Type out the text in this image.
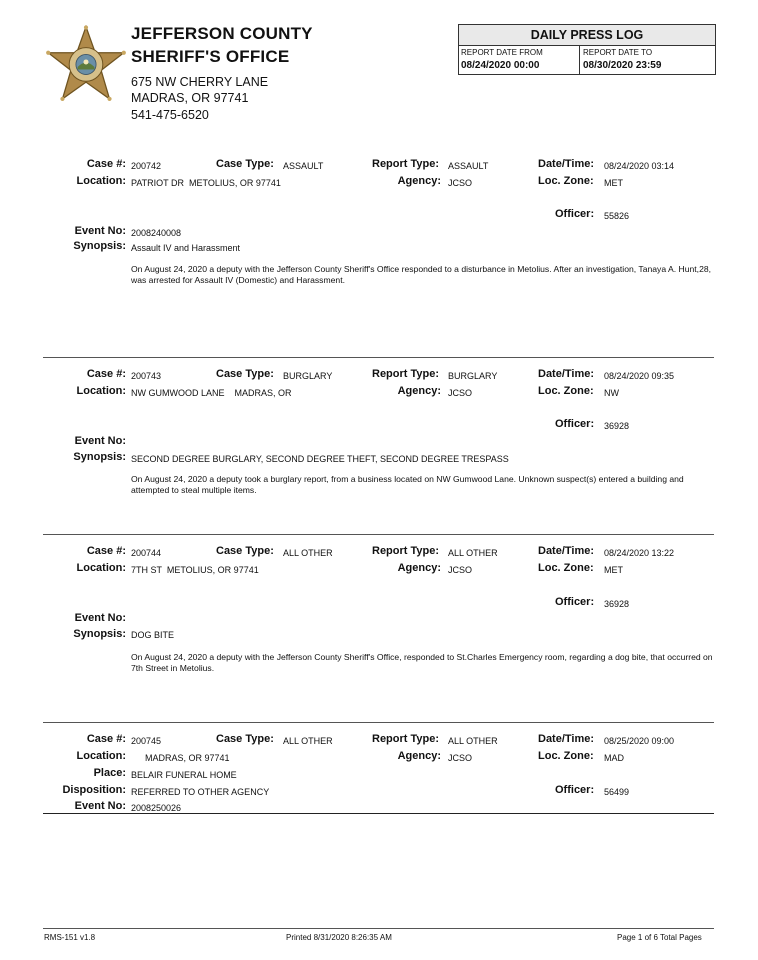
JEFFERSON COUNTY
SHERIFF'S OFFICE
675 NW CHERRY LANE
MADRAS, OR 97741
541-475-6520
DAILY PRESS LOG
REPORT DATE FROM
08/24/2020 00:00
REPORT DATE TO
08/30/2020 23:59
Case #: 200742	Case Type: ASSAULT	Report Type: ASSAULT	Date/Time: 08/24/2020 03:14
Location: PATRIOT DR  METOLIUS, OR 97741	Agency: JCSO	Loc. Zone: MET
Officer: 55826
Event No: 2008240008
Synopsis: Assault IV and Harassment
On August 24, 2020 a deputy with the Jefferson County Sheriff's Office responded to a disturbance in Metolius. After an investigation, Tanaya A. Hunt,28, was arrested for Assault IV (Domestic) and Harassment.
Case #: 200743	Case Type: BURGLARY	Report Type: BURGLARY	Date/Time: 08/24/2020 09:35
Location: NW GUMWOOD LANE    MADRAS, OR	Agency: JCSO	Loc. Zone: NW
Officer: 36928
Event No:
Synopsis: SECOND DEGREE BURGLARY, SECOND DEGREE THEFT, SECOND DEGREE TRESPASS
On August 24, 2020 a deputy took a burglary report, from a business located on NW Gumwood Lane. Unknown suspect(s) entered a building and attempted to steal multiple items.
Case #: 200744	Case Type: ALL OTHER	Report Type: ALL OTHER	Date/Time: 08/24/2020 13:22
Location: 7TH ST  METOLIUS, OR 97741	Agency: JCSO	Loc. Zone: MET
Officer: 36928
Event No:
Synopsis: DOG BITE
On August 24, 2020 a deputy with the Jefferson County Sheriff's Office, responded to St.Charles Emergency room, regarding a dog bite, that occurred on 7th Street in Metolius.
Case #: 200745	Case Type: ALL OTHER	Report Type: ALL OTHER	Date/Time: 08/25/2020 09:00
Location: MADRAS, OR 97741	Agency: JCSO	Loc. Zone: MAD
Place: BELAIR FUNERAL HOME
Disposition: REFERRED TO OTHER AGENCY	Officer: 56499
Event No: 2008250026
RMS-151 v1.8	Printed 8/31/2020 8:26:35 AM	Page 1 of 6 Total Pages
